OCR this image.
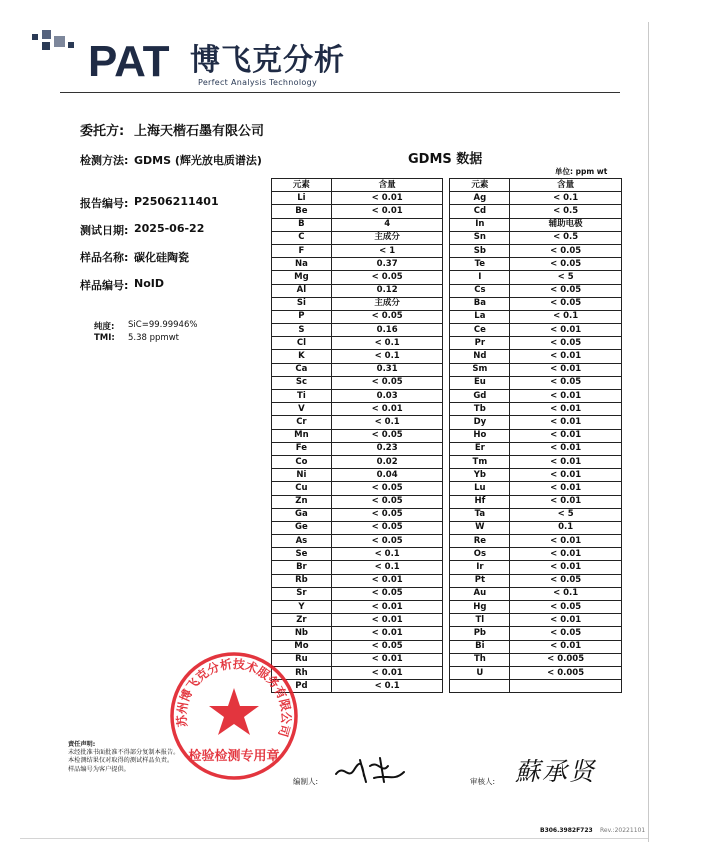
PAT 博飞克分析
Perfect Analysis Technology
委托方: 上海天楷石墨有限公司
检测方法: GDMS (辉光放电质谱法)
报告编号: P2506211401
测试日期: 2025-06-22
样品名称: 碳化硅陶瓷
样品编号: NoID
纯度: SiC=99.99946%
TMI: 5.38 ppmwt
GDMS 数据
单位: ppm wt
元素	含量		元素	含量
Li	< 0.01		Ag	< 0.1
Be	< 0.01		Cd	< 0.5
B	4		In	辅助电极
C	主成分		Sn	< 0.5
F	< 1		Sb	< 0.05
Na	0.37		Te	< 0.05
Mg	< 0.05		I	< 5
Al	0.12		Cs	< 0.05
Si	主成分		Ba	< 0.05
P	< 0.05		La	< 0.1
S	0.16		Ce	< 0.01
Cl	< 0.1		Pr	< 0.05
K	< 0.1		Nd	< 0.01
Ca	0.31		Sm	< 0.01
Sc	< 0.05		Eu	< 0.05
Ti	0.03		Gd	< 0.01
V	< 0.01		Tb	< 0.01
Cr	< 0.1		Dy	< 0.01
Mn	< 0.05		Ho	< 0.01
Fe	0.23		Er	< 0.01
Co	0.02		Tm	< 0.01
Ni	0.04		Yb	< 0.01
Cu	< 0.05		Lu	< 0.01
Zn	< 0.05		Hf	< 0.01
Ga	< 0.05		Ta	< 5
Ge	< 0.05		W	0.1
As	< 0.05		Re	< 0.01
Se	< 0.1		Os	< 0.01
Br	< 0.1		Ir	< 0.01
Rb	< 0.01		Pt	< 0.05
Sr	< 0.05		Au	< 0.1
Y	< 0.01		Hg	< 0.05
Zr	< 0.01		Tl	< 0.01
Nb	< 0.01		Pb	< 0.05
Mo	< 0.05		Bi	< 0.01
Ru	< 0.01		Th	< 0.005
Rh	< 0.01		U	< 0.005
Pd	< 0.1			
苏州博飞克分析技术服务有限公司
检验检测专用章
责任声明:
未经批准书面批准不得部分复制本报告。
本检测结果仅对取得的测试样品负责。
样品编号为客户提供。
编制人:	审核人: 蘇承贤
B306.3982F723 Rev.:20221101
